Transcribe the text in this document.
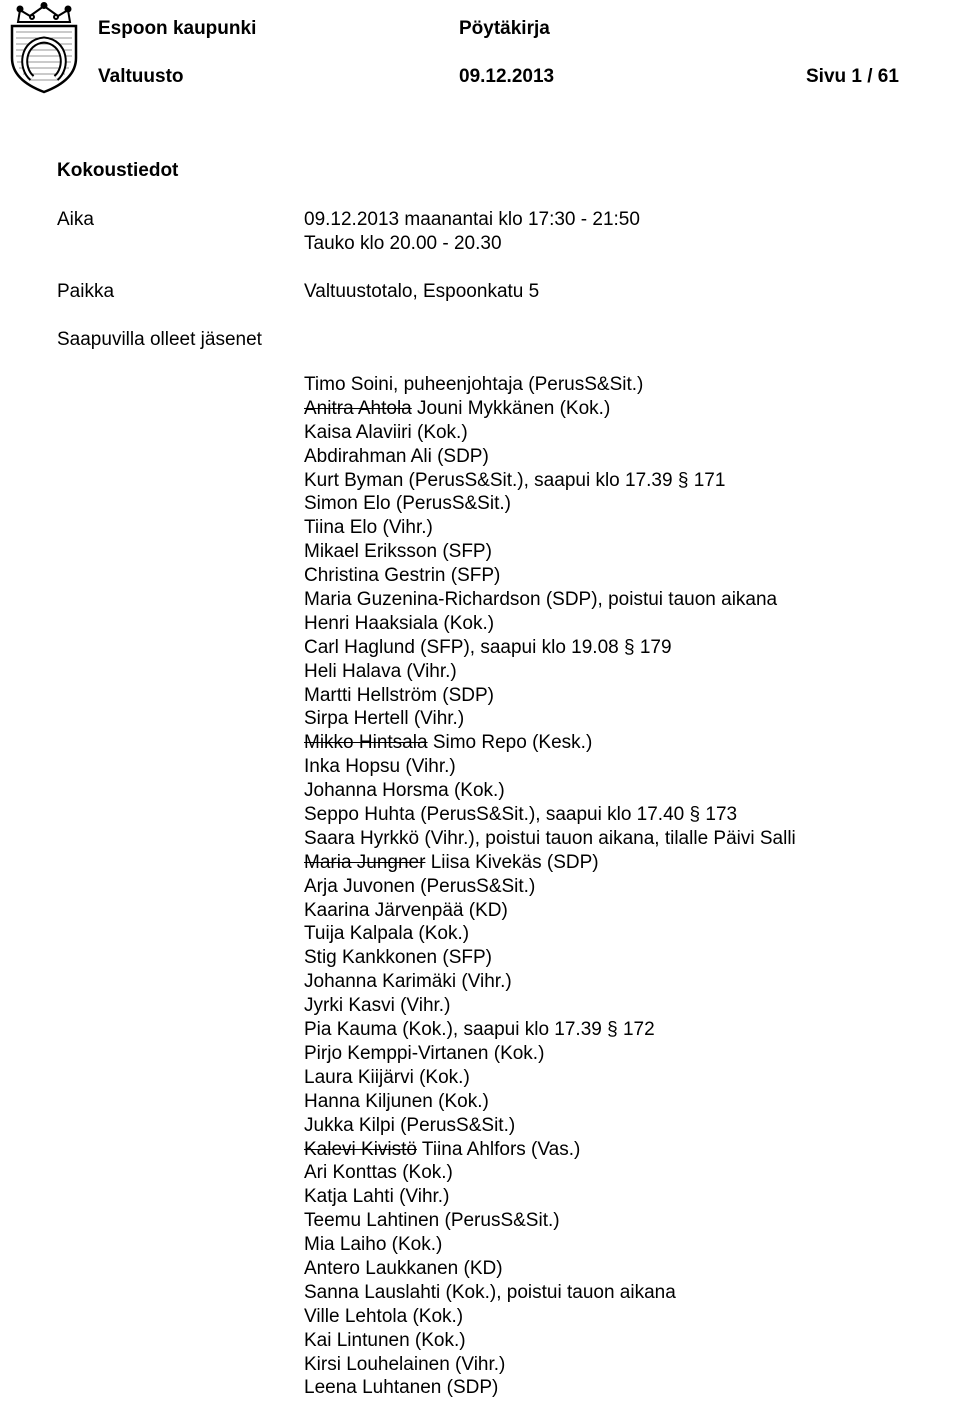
Espoon kaupunki	Pöytäkirja
Valtuusto	09.12.2013	Sivu 1 / 61
Kokoustiedot
Aika	09.12.2013 maanantai klo 17:30 - 21:50
Tauko klo 20.00 - 20.30
Paikka	Valtuustotalo, Espoonkatu 5
Saapuvilla olleet jäsenet
Timo Soini, puheenjohtaja (PerusS&Sit.)
Anitra Ahtola Jouni Mykkänen (Kok.)
Kaisa Alaviiri (Kok.)
Abdirahman Ali (SDP)
Kurt Byman (PerusS&Sit.), saapui klo 17.39 § 171
Simon Elo (PerusS&Sit.)
Tiina Elo (Vihr.)
Mikael Eriksson (SFP)
Christina Gestrin (SFP)
Maria Guzenina-Richardson (SDP), poistui tauon aikana
Henri Haaksiala (Kok.)
Carl Haglund (SFP), saapui klo 19.08 § 179
Heli Halava (Vihr.)
Martti Hellström (SDP)
Sirpa Hertell (Vihr.)
Mikko Hintsala Simo Repo (Kesk.)
Inka Hopsu (Vihr.)
Johanna Horsma (Kok.)
Seppo Huhta (PerusS&Sit.), saapui klo 17.40 § 173
Saara Hyrkkö (Vihr.), poistui tauon aikana, tilalle Päivi Salli
Maria Jungner Liisa Kivekäs (SDP)
Arja Juvonen (PerusS&Sit.)
Kaarina Järvenpää (KD)
Tuija Kalpala (Kok.)
Stig Kankkonen (SFP)
Johanna Karimäki (Vihr.)
Jyrki Kasvi (Vihr.)
Pia Kauma (Kok.), saapui klo 17.39 § 172
Pirjo Kemppi-Virtanen (Kok.)
Laura Kiijärvi (Kok.)
Hanna Kiljunen (Kok.)
Jukka Kilpi (PerusS&Sit.)
Kalevi Kivistö Tiina Ahlfors (Vas.)
Ari Konttas (Kok.)
Katja Lahti (Vihr.)
Teemu Lahtinen (PerusS&Sit.)
Mia Laiho (Kok.)
Antero Laukkanen (KD)
Sanna Lauslahti (Kok.), poistui tauon aikana
Ville Lehtola (Kok.)
Kai Lintunen (Kok.)
Kirsi Louhelainen (Vihr.)
Leena Luhtanen (SDP)
